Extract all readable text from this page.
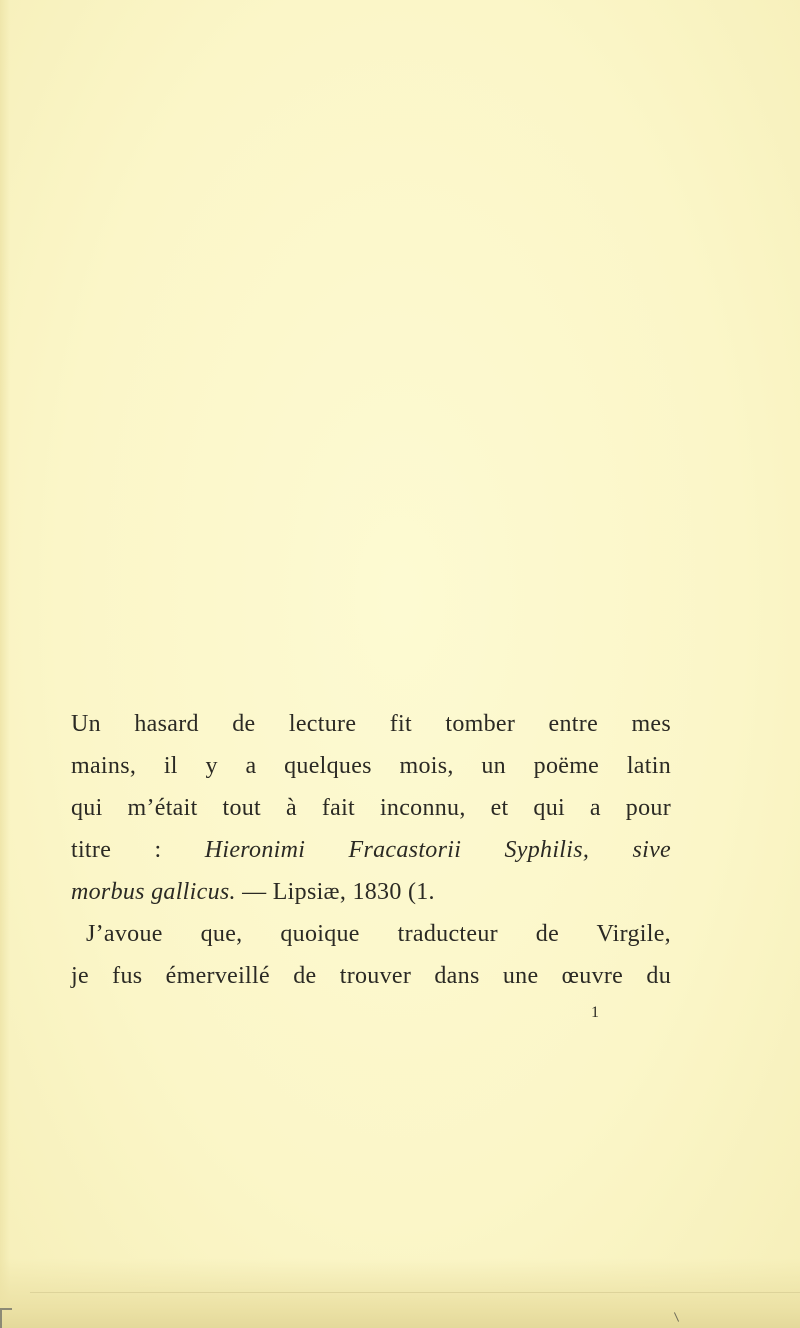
Un hasard de lecture fit tomber entre mes
mains, il y a quelques mois, un poëme latin
qui m’était tout à fait inconnu, et qui a pour
titre : Hieronimi Fracastorii Syphilis, sive
morbus gallicus. — Lipsiæ, 1830 (1.
J’avoue que, quoique traducteur de Virgile,
je fus émerveillé de trouver dans une œuvre du
1
